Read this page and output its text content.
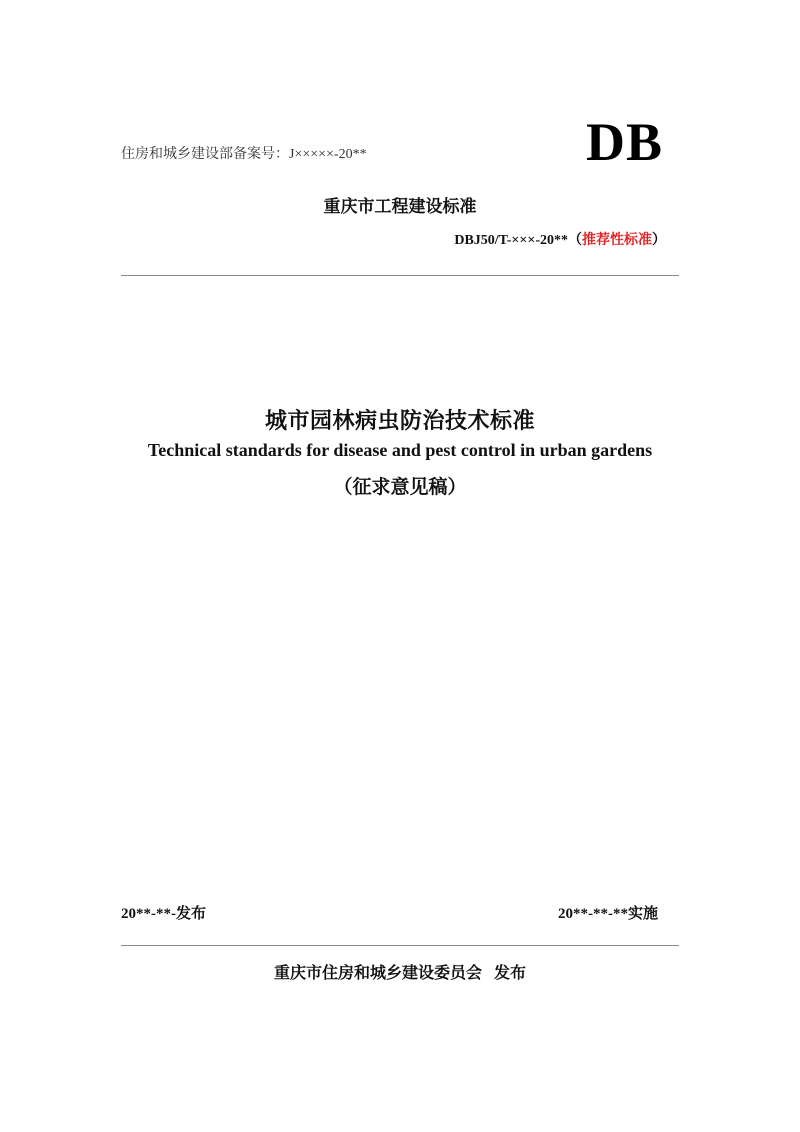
住房和城乡建设部备案号：J×××××-20**	DB
重庆市工程建设标准
DBJ50/T-×××-20**（推荐性标准）
城市园林病虫防治技术标准
Technical standards for disease and pest control in urban gardens
（征求意见稿）
20**-**-发布	20**-**-**实施
重庆市住房和城乡建设委员会   发布
